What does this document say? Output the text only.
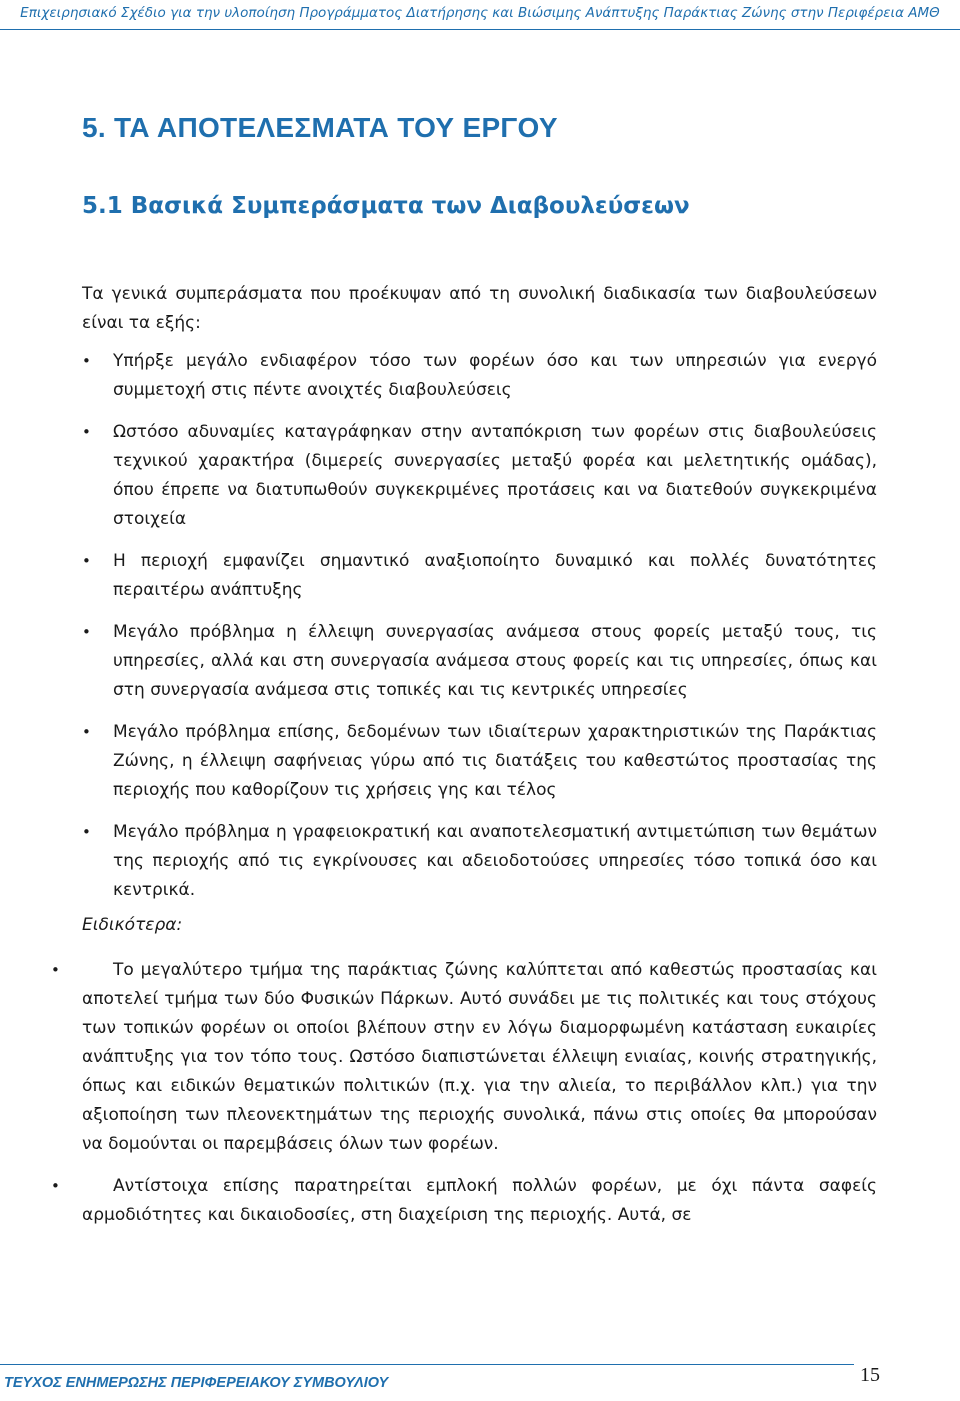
Επιχειρησιακό Σχέδιο για την υλοποίηση Προγράμματος Διατήρησης και Βιώσιμης Ανάπτυξης Παράκτιας Ζώνης στην Περιφέρεια ΑΜΘ
5. ΤΑ ΑΠΟΤΕΛΕΣΜΑΤΑ ΤΟΥ ΕΡΓΟΥ
5.1 Βασικά Συμπεράσματα των Διαβουλεύσεων

Τα γενικά συμπεράσματα που προέκυψαν από τη συνολική διαδικασία των διαβουλεύσεων είναι τα εξής:

•	Υπήρξε μεγάλο ενδιαφέρον τόσο των φορέων όσο και των υπηρεσιών για ενεργό συμμετοχή στις πέντε ανοιχτές διαβουλεύσεις
•	Ωστόσο αδυναμίες καταγράφηκαν στην ανταπόκριση των φορέων στις διαβουλεύσεις τεχνικού χαρακτήρα (διμερείς συνεργασίες μεταξύ φορέα και μελετητικής ομάδας), όπου έπρεπε να διατυπωθούν συγκεκριμένες προτάσεις και να διατεθούν συγκεκριμένα στοιχεία
•	Η περιοχή εμφανίζει σημαντικό αναξιοποίητο δυναμικό και πολλές δυνατότητες περαιτέρω ανάπτυξης
•	Μεγάλο πρόβλημα η έλλειψη συνεργασίας ανάμεσα στους φορείς μεταξύ τους, τις υπηρεσίες, αλλά και στη συνεργασία ανάμεσα στους φορείς και τις υπηρεσίες, όπως και στη συνεργασία ανάμεσα στις τοπικές και τις κεντρικές υπηρεσίες
•	Μεγάλο πρόβλημα επίσης, δεδομένων των ιδιαίτερων χαρακτηριστικών της Παράκτιας Ζώνης, η έλλειψη σαφήνειας γύρω από τις διατάξεις του καθεστώτος προστασίας της περιοχής που καθορίζουν τις χρήσεις γης και τέλος
•	Μεγάλο πρόβλημα η γραφειοκρατική και αναποτελεσματική αντιμετώπιση των θεμάτων της περιοχής από τις εγκρίνουσες και αδειοδοτούσες υπηρεσίες τόσο τοπικά όσο και κεντρικά.

Ειδικότερα:

•	Το μεγαλύτερο τμήμα της παράκτιας ζώνης καλύπτεται από καθεστώς προστασίας και αποτελεί τμήμα των δύο Φυσικών Πάρκων. Αυτό συνάδει με τις πολιτικές και τους στόχους των τοπικών φορέων οι οποίοι βλέπουν στην εν λόγω διαμορφωμένη κατάσταση ευκαιρίες ανάπτυξης για τον τόπο τους. Ωστόσο διαπιστώνεται έλλειψη ενιαίας, κοινής στρατηγικής, όπως και ειδικών θεματικών πολιτικών (π.χ. για την αλιεία, το περιβάλλον κλπ.) για την αξιοποίηση των πλεονεκτημάτων της περιοχής συνολικά, πάνω στις οποίες θα μπορούσαν να δομούνται οι παρεμβάσεις όλων των φορέων.
•	Αντίστοιχα επίσης παρατηρείται εμπλοκή πολλών φορέων, με όχι πάντα σαφείς αρμοδιότητες και δικαιοδοσίες, στη διαχείριση της περιοχής. Αυτά, σε
ΤΕΥΧΟΣ ΕΝΗΜΕΡΩΣΗΣ ΠΕΡΙΦΕΡΕΙΑΚΟΥ ΣΥΜΒΟΥΛΙΟΥ	15
